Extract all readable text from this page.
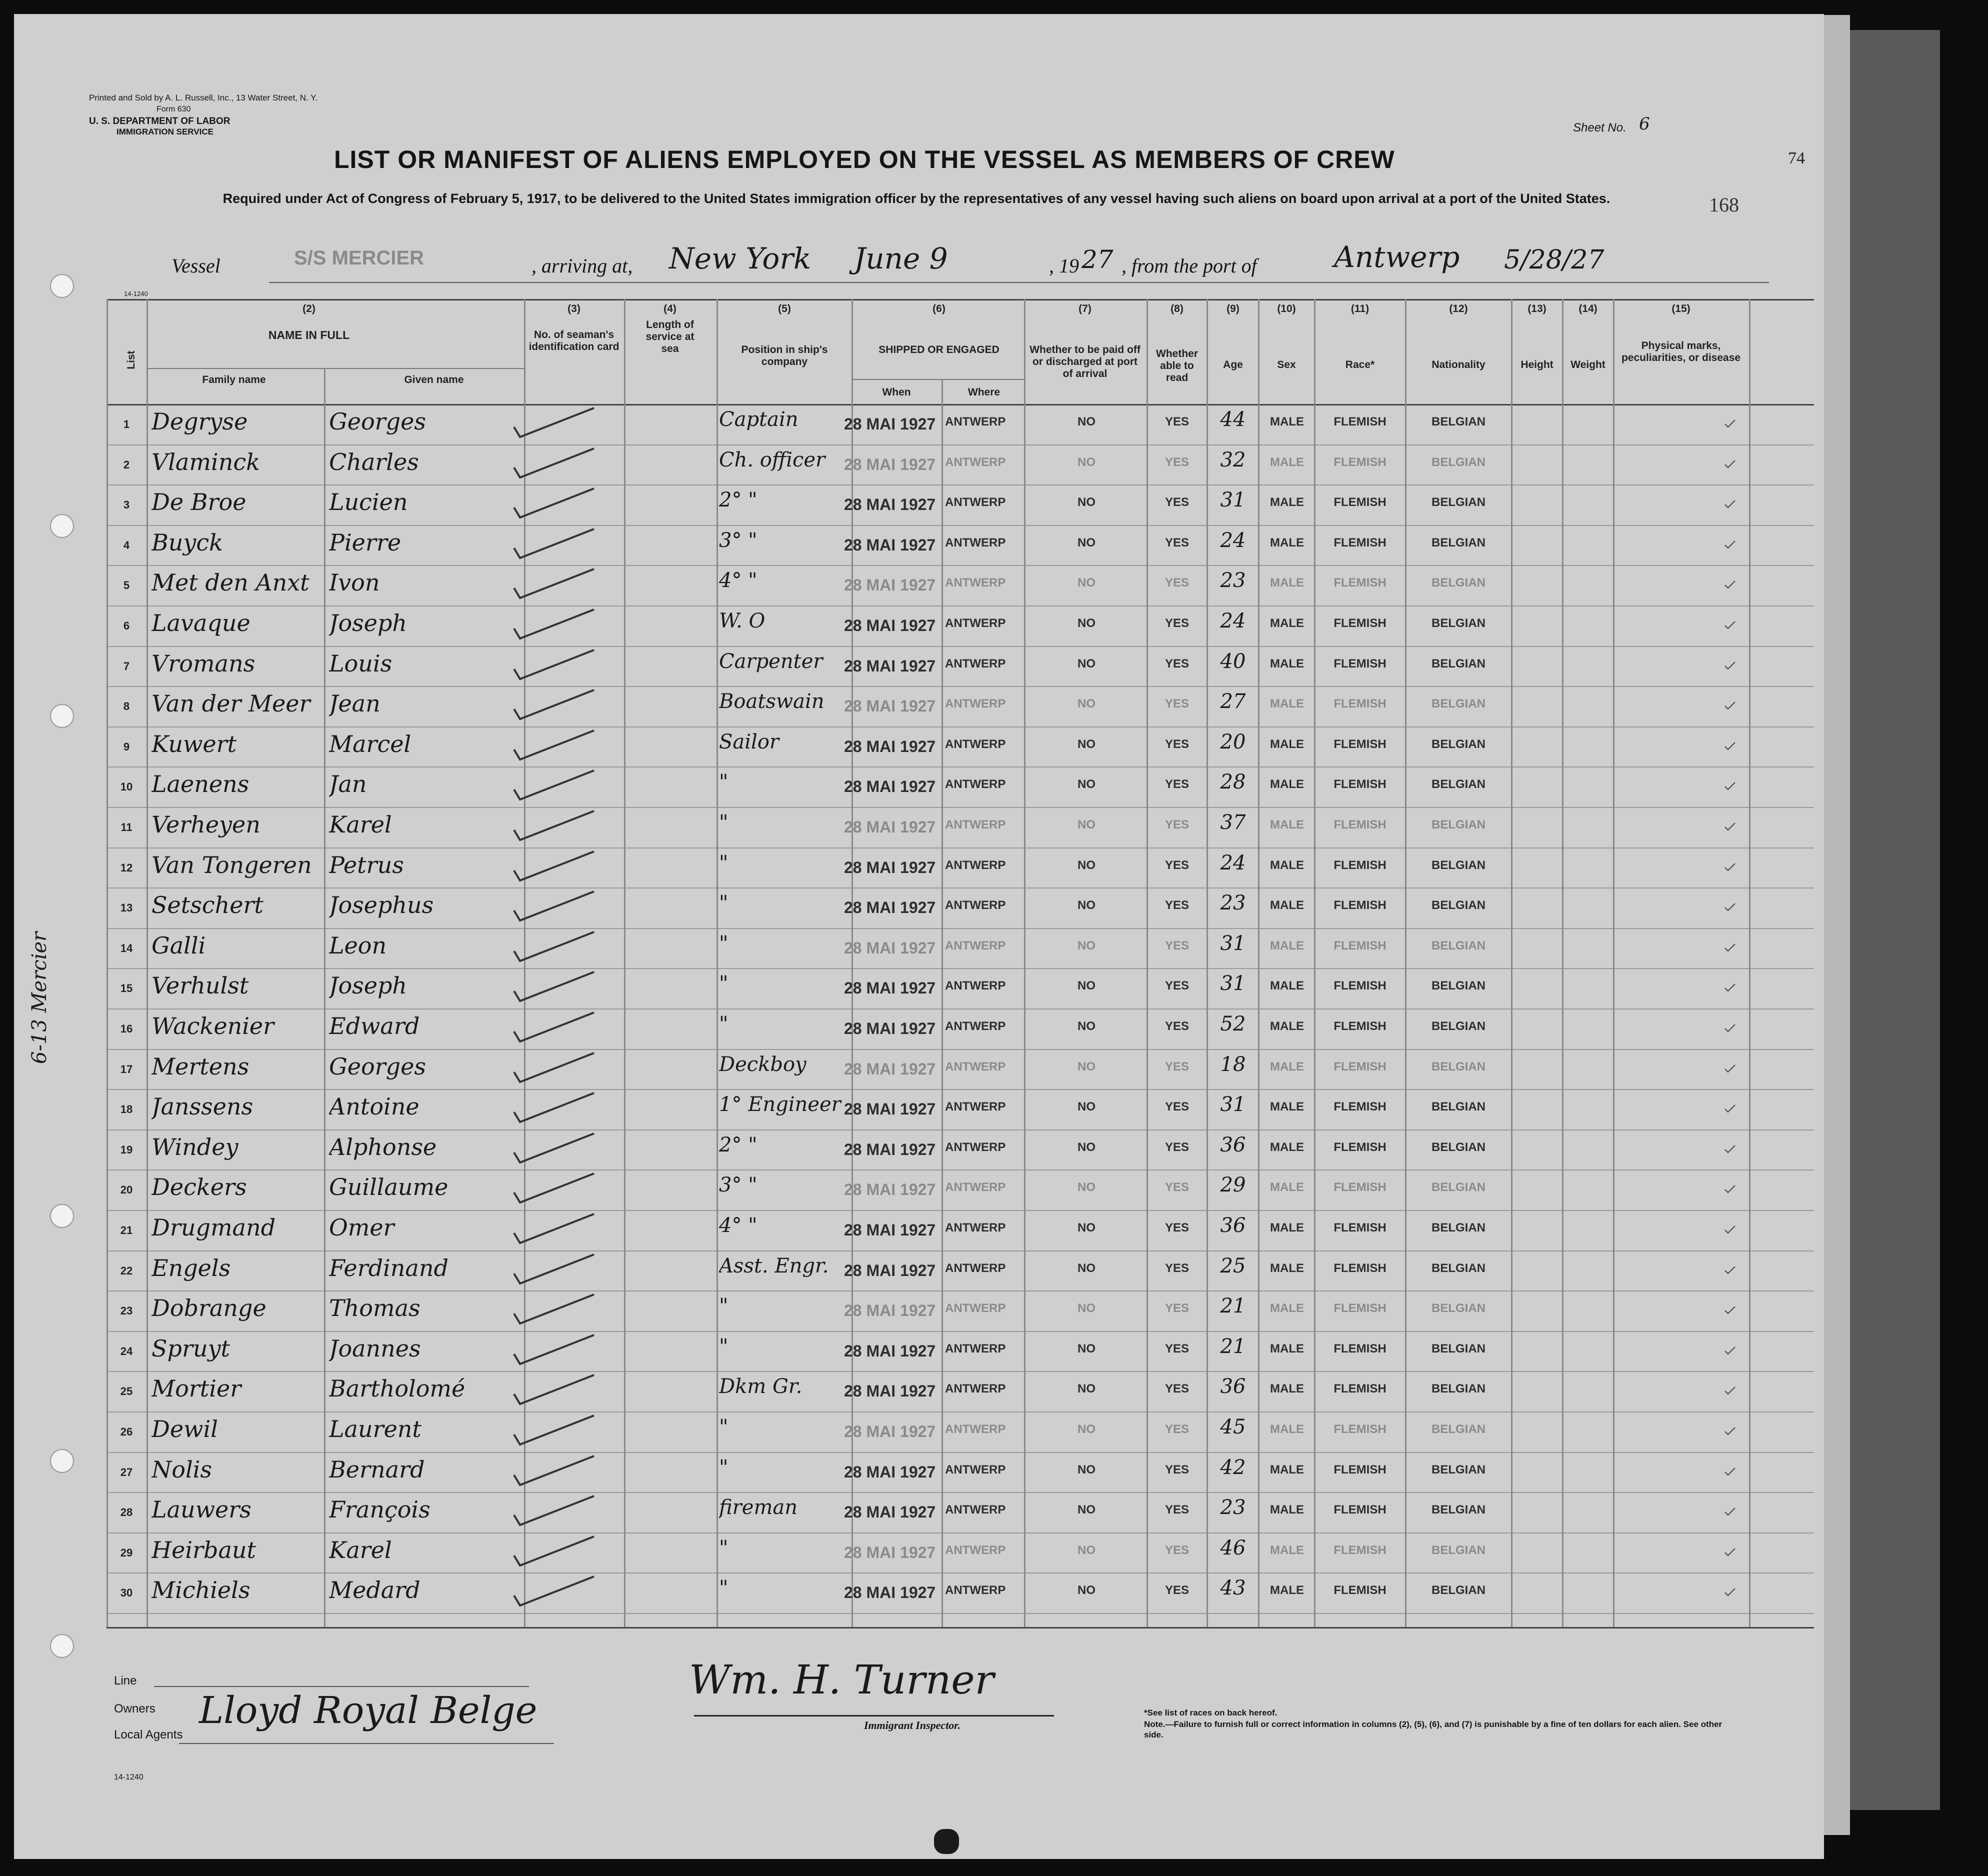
6-13 Mercier
Printed and Sold by A. L. Russell, Inc., 13 Water Street, N. Y.
Form 630
U. S. DEPARTMENT OF LABOR
IMMIGRATION SERVICE
LIST OR MANIFEST OF ALIENS EMPLOYED ON THE VESSEL AS MEMBERS OF CREW
Sheet No. 6
74
Required under Act of Congress of February 5, 1917, to be delivered to the United States immigration officer by the representatives of any vessel having such aliens on board upon arrival at a port of the United States.	168
Vessel	S/S MERCIER	, arriving at, New York June 9	, 19 27 , from the port of	Antwerp 5/28/27
14-1240
List
(2)
NAME IN FULL
Family name	Given name
(3)
No. of seaman's identification card
(4)
Length of service at sea
(5)
Position in ship's company
(6)
SHIPPED OR ENGAGED
When	Where
(7)
Whether to be paid off or discharged at port of arrival
(8)
Whether able to read
(9)
Age
(10)
Sex
(11)
Race*
(12)
Nationality
(13)
Height
(14)
Weight
(15)
Physical marks, peculiarities, or disease
1 Degryse	Georges	Captain	28 MAI 1927 ANTWERP	NO	YES	44	MALE	FLEMISH	BELGIAN
2 Vlaminck	Charles	Ch. officer	28 MAI 1927 ANTWERP	NO	YES	32	MALE	FLEMISH	BELGIAN
3 De Broe	Lucien	2° "	28 MAI 1927 ANTWERP	NO	YES	31	MALE	FLEMISH	BELGIAN
4 Buyck	Pierre	3° "	28 MAI 1927 ANTWERP	NO	YES	24	MALE	FLEMISH	BELGIAN
5 Met den Anxt Ivon	4° "	28 MAI 1927 ANTWERP	NO	YES	23	MALE	FLEMISH	BELGIAN
6 Lavaque	Joseph	W. O	28 MAI 1927 ANTWERP	NO	YES	24	MALE	FLEMISH	BELGIAN
7 Vromans	Louis	Carpenter	28 MAI 1927 ANTWERP	NO	YES	40	MALE	FLEMISH	BELGIAN
8 Van der Meer Jean	Boatswain	28 MAI 1927 ANTWERP	NO	YES	27	MALE	FLEMISH	BELGIAN
9 Kuwert	Marcel	Sailor	28 MAI 1927 ANTWERP	NO	YES	20	MALE	FLEMISH	BELGIAN
10 Laenens	Jan	"	28 MAI 1927 ANTWERP	NO	YES	28	MALE	FLEMISH	BELGIAN
11 Verheyen	Karel	"	28 MAI 1927 ANTWERP	NO	YES	37	MALE	FLEMISH	BELGIAN
12 Van Tongeren Petrus	"	28 MAI 1927 ANTWERP	NO	YES	24	MALE	FLEMISH	BELGIAN
13 Setschert	Josephus	"	28 MAI 1927 ANTWERP	NO	YES	23	MALE	FLEMISH	BELGIAN
14 Galli	Leon	"	28 MAI 1927 ANTWERP	NO	YES	31	MALE	FLEMISH	BELGIAN
15 Verhulst	Joseph	"	28 MAI 1927 ANTWERP	NO	YES	31	MALE	FLEMISH	BELGIAN
16 Wackenier	Edward	"	28 MAI 1927 ANTWERP	NO	YES	52	MALE	FLEMISH	BELGIAN
17 Mertens	Georges	Deckboy	28 MAI 1927 ANTWERP	NO	YES	18	MALE	FLEMISH	BELGIAN
18 Janssens	Antoine	1° Engineer 28 MAI 1927 ANTWERP	NO	YES	31	MALE	FLEMISH	BELGIAN
19 Windey	Alphonse	2° "	28 MAI 1927 ANTWERP	NO	YES	36	MALE	FLEMISH	BELGIAN
20 Deckers	Guillaume	3° "	28 MAI 1927 ANTWERP	NO	YES	29	MALE	FLEMISH	BELGIAN
21 Drugmand	Omer	4° "	28 MAI 1927 ANTWERP	NO	YES	36	MALE	FLEMISH	BELGIAN
22 Engels	Ferdinand	Asst. Engr. 28 MAI 1927 ANTWERP	NO	YES	25	MALE	FLEMISH	BELGIAN
23 Dobrange	Thomas	"	28 MAI 1927 ANTWERP	NO	YES	21	MALE	FLEMISH	BELGIAN
24 Spruyt	Joannes	"	28 MAI 1927 ANTWERP	NO	YES	21	MALE	FLEMISH	BELGIAN
25 Mortier	Bartholomé	Dkm Gr.	28 MAI 1927 ANTWERP	NO	YES	36	MALE	FLEMISH	BELGIAN
26 Dewil	Laurent	"	28 MAI 1927 ANTWERP	NO	YES	45	MALE	FLEMISH	BELGIAN
27 Nolis	Bernard	"	28 MAI 1927 ANTWERP	NO	YES	42	MALE	FLEMISH	BELGIAN
28 Lauwers	François	fireman	28 MAI 1927 ANTWERP	NO	YES	23	MALE	FLEMISH	BELGIAN
29 Heirbaut	Karel	"	28 MAI 1927 ANTWERP	NO	YES	46	MALE	FLEMISH	BELGIAN
30 Michiels	Medard	"	28 MAI 1927 ANTWERP	NO	YES	43	MALE	FLEMISH	BELGIAN
Line
Owners
Local Agents
Lloyd Royal Belge
14-1240
Wm. H. Turner
Immigrant Inspector.
*See list of races on back hereof.
Note.—Failure to furnish full or correct information in columns (2), (5), (6), and (7) is punishable by a fine of ten dollars for each alien. See other side.
